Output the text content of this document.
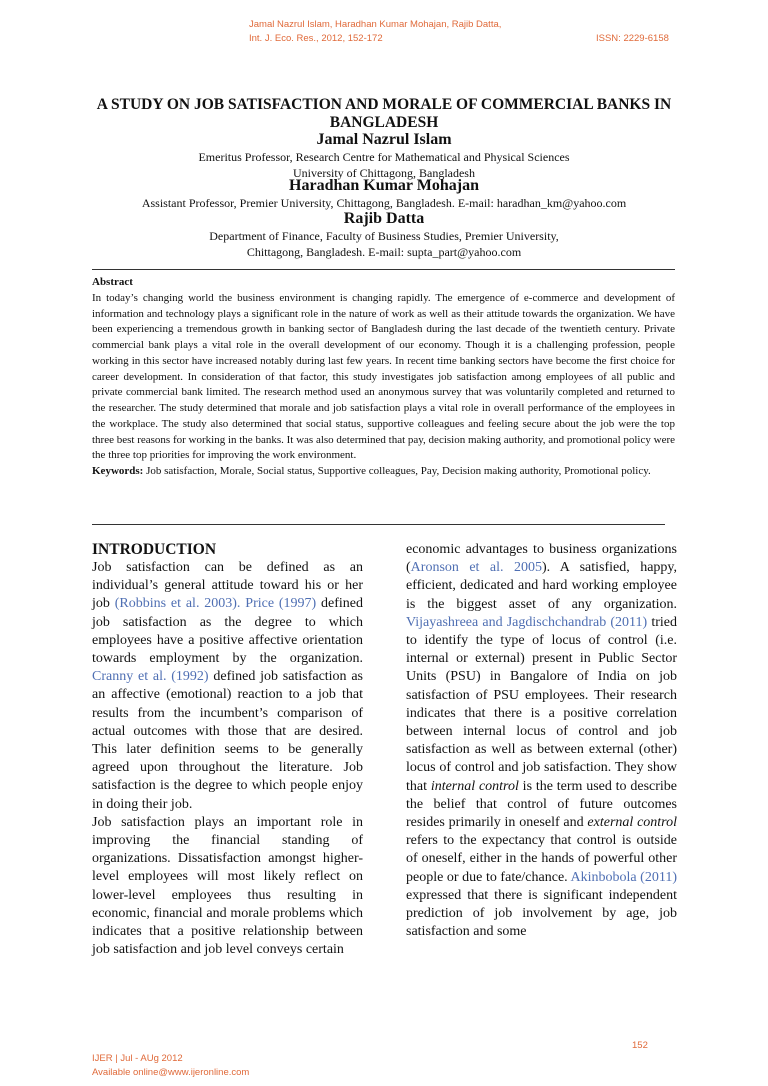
Jamal Nazrul Islam, Haradhan Kumar Mohajan, Rajib Datta,
Int. J. Eco. Res., 2012, 152-172	ISSN: 2229-6158
A STUDY ON JOB SATISFACTION AND MORALE OF COMMERCIAL BANKS IN BANGLADESH
Jamal Nazrul Islam
Emeritus Professor, Research Centre for Mathematical and Physical Sciences
University of Chittagong, Bangladesh
Haradhan Kumar Mohajan
Assistant Professor, Premier University, Chittagong, Bangladesh. E-mail: haradhan_km@yahoo.com
Rajib Datta
Department of Finance, Faculty of Business Studies, Premier University,
Chittagong, Bangladesh. E-mail: supta_part@yahoo.com
Abstract
In today’s changing world the business environment is changing rapidly. The emergence of e-commerce and development of information and technology plays a significant role in the nature of work as well as their attitude towards the organization. We have been experiencing a tremendous growth in banking sector of Bangladesh during the last decade of the twentieth century. Private commercial bank plays a vital role in the overall development of our economy. Though it is a challenging profession, people working in this sector have increased notably during last few years. In recent time banking sectors have become the first choice for career development. In consideration of that factor, this study investigates job satisfaction among employees of all public and private commercial bank limited. The research method used an anonymous survey that was voluntarily completed and returned to the researcher. The study determined that morale and job satisfaction plays a vital role in overall performance of the employees in the workplace. The study also determined that social status, supportive colleagues and feeling secure about the job were the top three best reasons for working in the banks. It was also determined that pay, decision making authority, and promotional policy were the three top priorities for improving the work environment.
Keywords: Job satisfaction, Morale, Social status, Supportive colleagues, Pay, Decision making authority, Promotional policy.
INTRODUCTION

Job satisfaction can be defined as an individual’s general attitude toward his or her job (Robbins et al. 2003). Price (1997) defined job satisfaction as the degree to which employees have a positive affective orientation towards employment by the organization. Cranny et al. (1992) defined job satisfaction as an affective (emotional) reaction to a job that results from the incumbent’s comparison of actual outcomes with those that are desired. This later definition seems to be generally agreed upon throughout the literature. Job satisfaction is the degree to which people enjoy in doing their job.

Job satisfaction plays an important role in improving the financial standing of organizations. Dissatisfaction amongst higher-level employees will most likely reflect on lower-level employees thus resulting in economic, financial and morale problems which indicates that a positive relationship between job satisfaction and job level conveys certain

economic advantages to business organizations (Aronson et al. 2005). A satisfied, happy, efficient, dedicated and hard working employee is the biggest asset of any organization. Vijayashreea and Jagdischchandrab (2011) tried to identify the type of locus of control (i.e. internal or external) present in Public Sector Units (PSU) in Bangalore of India on job satisfaction of PSU employees. Their research indicates that there is a positive correlation between internal locus of control and job satisfaction as well as between external (other) locus of control and job satisfaction. They show that internal control is the term used to describe the belief that control of future outcomes resides primarily in oneself and external control refers to the expectancy that control is outside of oneself, either in the hands of powerful other people or due to fate/chance. Akinbobola (2011) expressed that there is significant independent prediction of job involvement by age, job satisfaction and some

152
IJER | Jul - AUg 2012
Available online@www.ijeronline.com
